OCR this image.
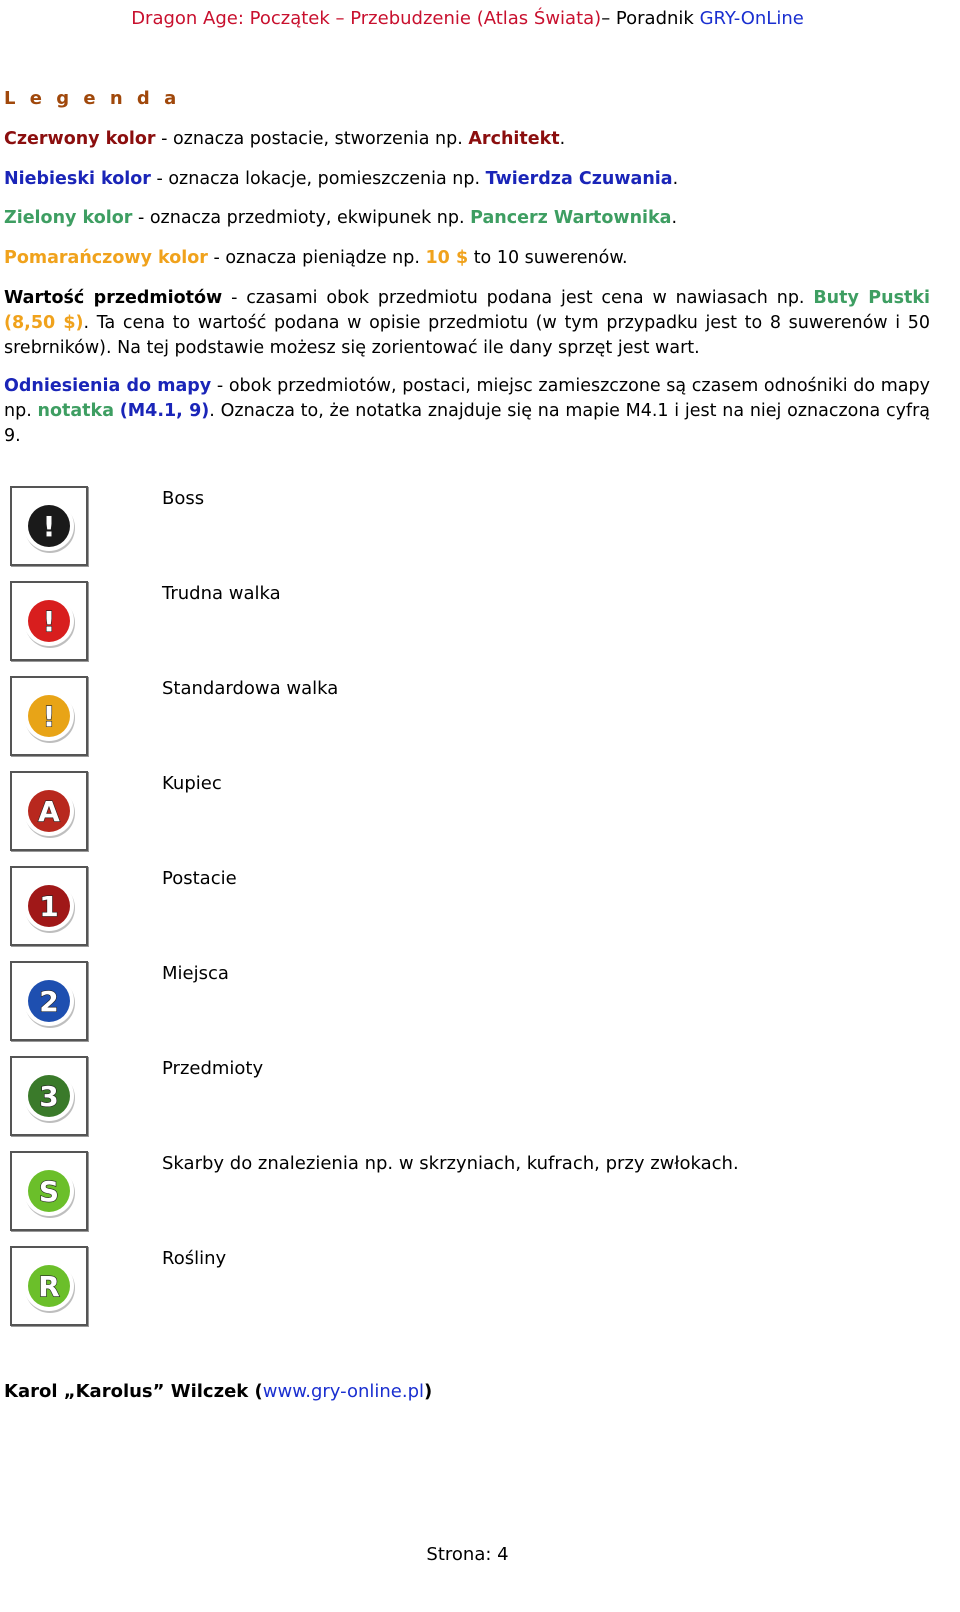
Dragon Age: Początek – Przebudzenie (Atlas Świata)– Poradnik GRY-OnLine
L e g e n d a
Czerwony kolor - oznacza postacie, stworzenia np. Architekt.
Niebieski kolor - oznacza lokacje, pomieszczenia np. Twierdza Czuwania.
Zielony kolor - oznacza przedmioty, ekwipunek np. Pancerz Wartownika.
Pomarańczowy kolor - oznacza pieniądze np. 10 $ to 10 suwerenów.
Wartość przedmiotów - czasami obok przedmiotu podana jest cena w nawiasach np. Buty Pustki (8,50 $). Ta cena to wartość podana w opisie przedmiotu (w tym przypadku jest to 8 suwerenów i 50 srebrników). Na tej podstawie możesz się zorientować ile dany sprzęt jest wart.
Odniesienia do mapy - obok przedmiotów, postaci, miejsc zamieszczone są czasem odnośniki do mapy np. notatka (M4.1, 9). Oznacza to, że notatka znajduje się na mapie M4.1 i jest na niej oznaczona cyfrą 9.
!
Boss
!
Trudna walka
!
Standardowa walka
A
Kupiec
1
Postacie
2
Miejsca
3
Przedmioty
S
Skarby do znalezienia np. w skrzyniach, kufrach, przy zwłokach.
R
Rośliny
Karol „Karolus” Wilczek (www.gry-online.pl)
Strona: 4
